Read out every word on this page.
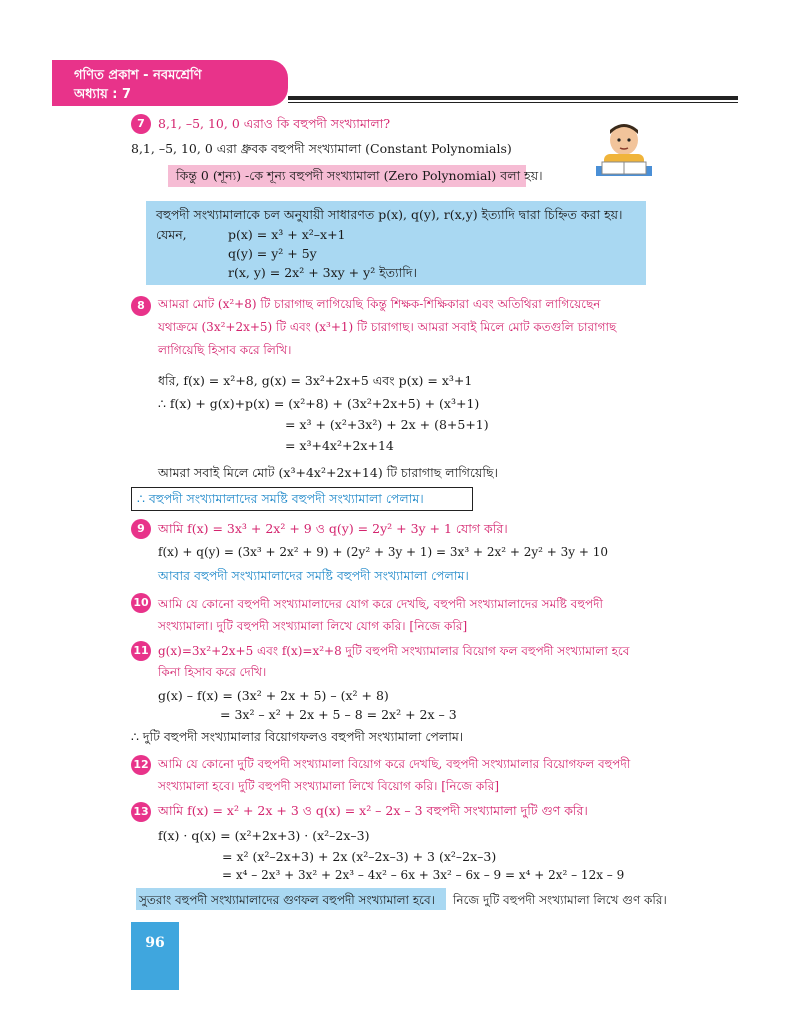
গণিত প্রকাশ - নবমশ্রেণি
অধ্যায় : 7
7	8,1, –5, 10, 0 এরাও কি বহুপদী সংখ্যামালা?
8,1, –5, 10, 0 এরা ধ্রুবক বহুপদী সংখ্যামালা (Constant Polynomials)
কিন্তু 0 (শূন্য) -কে শূন্য বহুপদী সংখ্যামালা (Zero Polynomial) বলা হয়।
বহুপদী সংখ্যামালাকে চল অনুযায়ী সাধারণত p(x), q(y), r(x,y) ইত্যাদি দ্বারা চিহ্নিত করা হয়।
যেমন,	p(x) = x³ + x²–x+1
q(y) = y² + 5y
r(x, y) = 2x² + 3xy + y² ইত্যাদি।
8	আমরা মোট (x²+8) টি চারাগাছ লাগিয়েছি কিন্তু শিক্ষক-শিক্ষিকারা এবং অতিথিরা লাগিয়েছেন
যথাক্রমে (3x²+2x+5) টি এবং (x³+1) টি চারাগাছ। আমরা সবাই মিলে মোট কতগুলি চারাগাছ
লাগিয়েছি হিসাব করে লিখি।
ধরি, f(x) = x²+8, g(x) = 3x²+2x+5 এবং p(x) = x³+1
∴ f(x) + g(x)+p(x) = (x²+8) + (3x²+2x+5) + (x³+1)
= x³ + (x²+3x²) + 2x + (8+5+1)
= x³+4x²+2x+14
আমরা সবাই মিলে মোট (x³+4x²+2x+14) টি চারাগাছ লাগিয়েছি।
∴ বহুপদী সংখ্যামালাদের সমষ্টি বহুপদী সংখ্যামালা পেলাম।
9	আমি f(x) = 3x³ + 2x² + 9 ও q(y) = 2y² + 3y + 1 যোগ করি।
f(x) + q(y) = (3x³ + 2x² + 9) + (2y² + 3y + 1) = 3x³ + 2x² + 2y² + 3y + 10
আবার বহুপদী সংখ্যামালাদের সমষ্টি বহুপদী সংখ্যামালা পেলাম।
10 আমি যে কোনো বহুপদী সংখ্যামালাদের যোগ করে দেখছি, বহুপদী সংখ্যামালাদের সমষ্টি বহুপদী
সংখ্যামালা। দুটি বহুপদী সংখ্যামালা লিখে যোগ করি। [নিজে করি]
11 g(x)=3x²+2x+5 এবং f(x)=x²+8 দুটি বহুপদী সংখ্যামালার বিয়োগ ফল বহুপদী সংখ্যামালা হবে
কিনা হিসাব করে দেখি।
g(x) – f(x) = (3x² + 2x + 5) – (x² + 8)
= 3x² – x² + 2x + 5 – 8 = 2x² + 2x – 3
∴ দুটি বহুপদী সংখ্যামালার বিয়োগফলও বহুপদী সংখ্যামালা পেলাম।
12 আমি যে কোনো দুটি বহুপদী সংখ্যামালা বিয়োগ করে দেখছি, বহুপদী সংখ্যামালার বিয়োগফল বহুপদী
সংখ্যামালা হবে। দুটি বহুপদী সংখ্যামালা লিখে বিয়োগ করি। [নিজে করি]
13 আমি f(x) = x² + 2x + 3 ও q(x) = x² – 2x – 3 বহুপদী সংখ্যামালা দুটি গুণ করি।
f(x) · q(x) = (x²+2x+3) · (x²–2x–3)
= x² (x²–2x+3) + 2x (x²–2x–3) + 3 (x²–2x–3)
= x⁴ – 2x³ + 3x² + 2x³ – 4x² – 6x + 3x² – 6x – 9 = x⁴ + 2x² – 12x – 9
সুতরাং বহুপদী সংখ্যামালাদের গুণফল বহুপদী সংখ্যামালা হবে। নিজে দুটি বহুপদী সংখ্যামালা লিখে গুণ করি।
96
